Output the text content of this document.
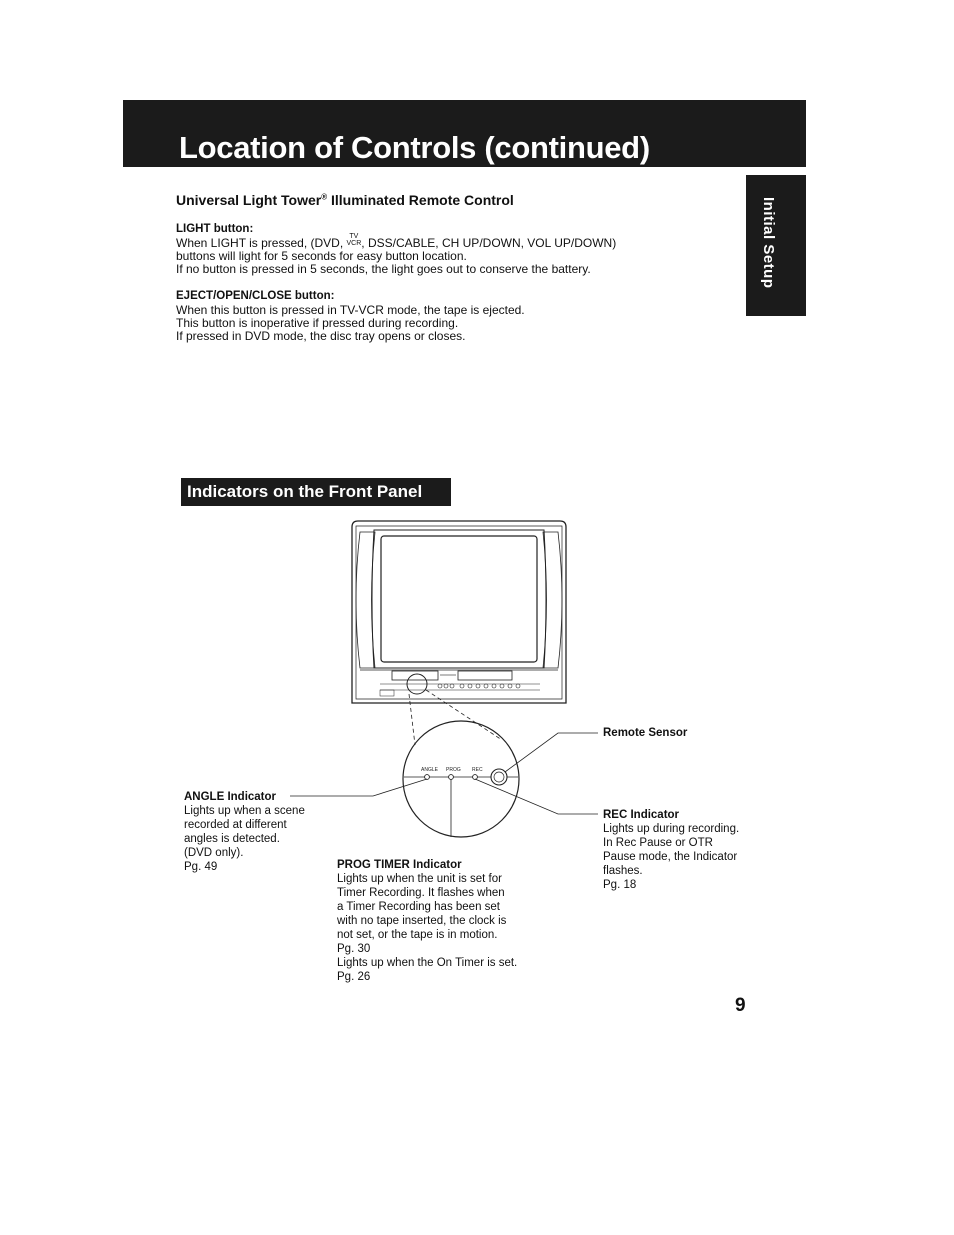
Location of Controls (continued)
Initial Setup
Universal Light Tower® Illuminated Remote Control

LIGHT button:

When LIGHT is pressed, (DVD, TV
VCR , DSS/CABLE, CH UP/DOWN, VOL UP/DOWN)

buttons will light for 5 seconds for easy button location.

If no button is pressed in 5 seconds, the light goes out to conserve the battery.

EJECT/OPEN/CLOSE button:

When this button is pressed in TV-VCR mode, the tape is ejected.

This button is inoperative if pressed during recording.

If pressed in DVD mode, the disc tray opens or closes.

Indicators on the Front Panel
ANGLE PROG REC
Remote Sensor
ANGLE Indicator
Lights up when a scene
recorded at different
angles is detected.
(DVD only).
Pg. 49
REC Indicator
Lights up during recording.
In Rec Pause or OTR
Pause mode, the Indicator
flashes.
Pg. 18
PROG TIMER Indicator
Lights up when the unit is set for
Timer Recording. It flashes when
a Timer Recording has been set
with no tape inserted, the clock is
not set, or the tape is in motion.
Pg. 30
Lights up when the On Timer is set.
Pg. 26
9
